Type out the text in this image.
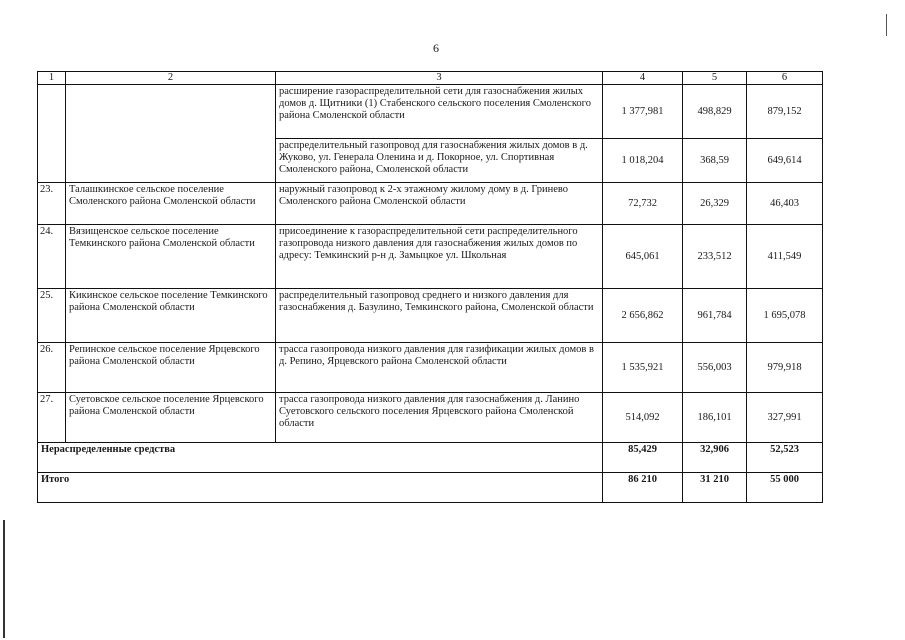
6
1	2	3	4	5	6
		расширение газораспределительной сети для газоснабжения жилых домов д. Щитники (1) Стабенского сельского поселения Смоленского района Смоленской области	1 377,981	498,829	879,152
		распределительный газопровод для газоснабжения жилых домов в д. Жуково, ул. Генерала Оленина и д. Покорное, ул. Спортивная Смоленского района, Смоленской области	1 018,204	368,59	649,614
23.	Талашкинское сельское поселение Смоленского района Смоленской области	наружный газопровод к 2-х этажному жилому дому в д. Гринево Смоленского района Смоленской области	72,732	26,329	46,403
24.	Вязищенское сельское поселение Темкинского района Смоленской области	присоединение к газораспределительной сети распределительного газопровода низкого давления для газоснабжения жилых домов по адресу: Темкинский р-н д. Замыцкое ул. Школьная	645,061	233,512	411,549
25.	Кикинское сельское поселение Темкинского района Смоленской области	распределительный газопровод среднего и низкого давления для газоснабжения д. Базулино, Темкинского района, Смоленской области	2 656,862	961,784	1 695,078
26.	Репинское сельское поселение Ярцевского района Смоленской области	трасса газопровода низкого давления для газификации жилых домов в д. Репино, Ярцевского района Смоленской области	1 535,921	556,003	979,918
27.	Суетовское сельское поселение Ярцевского района Смоленской области	трасса газопровода низкого давления для газоснабжения д. Ланино Суетовского сельского поселения Ярцевского района Смоленской области	514,092	186,101	327,991
Нераспределенные средства			85,429	32,906	52,523
Итого			86 210	31 210	55 000
